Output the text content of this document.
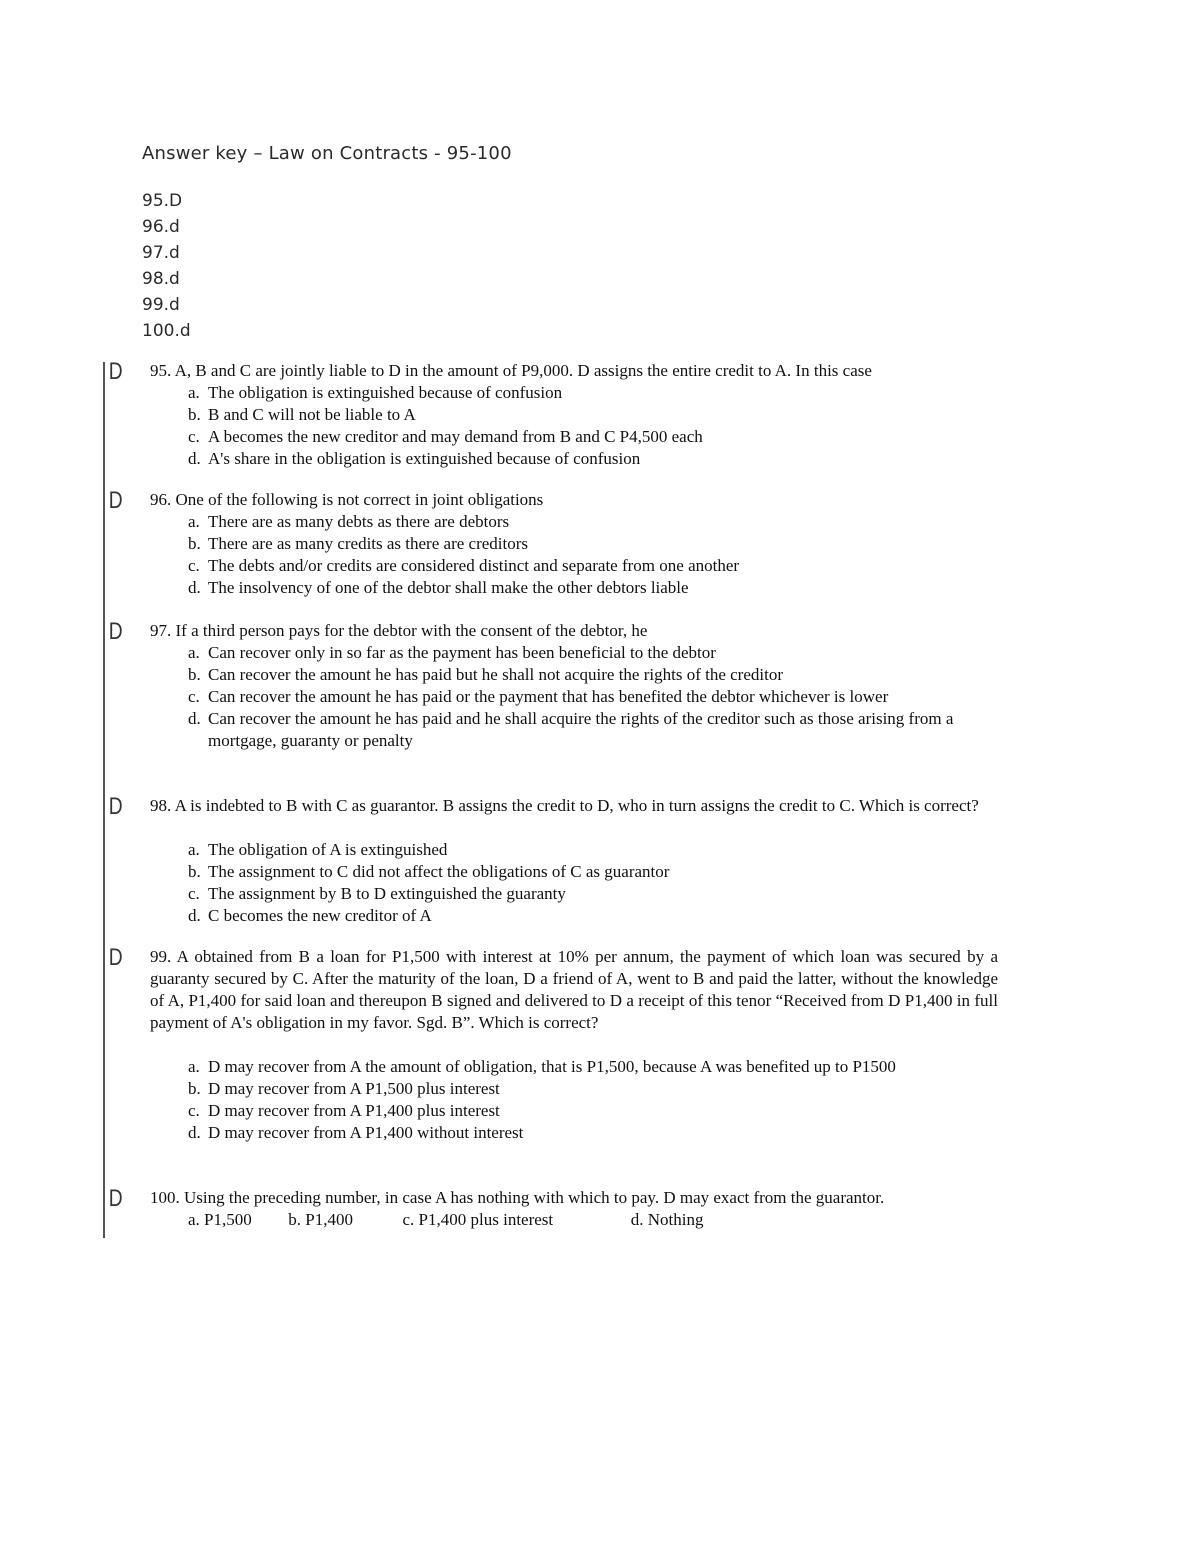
Answer key – Law on Contracts - 95-100
95.D
96.d
97.d
98.d
99.d
100.d
D 95. A, B and C are jointly liable to D in the amount of P9,000. D assigns the entire credit to A. In this case
a. The obligation is extinguished because of confusion
b. B and C will not be liable to A
c. A becomes the new creditor and may demand from B and C P4,500 each
d. A's share in the obligation is extinguished because of confusion
D 96. One of the following is not correct in joint obligations
a. There are as many debts as there are debtors
b. There are as many credits as there are creditors
c. The debts and/or credits are considered distinct and separate from one another
d. The insolvency of one of the debtor shall make the other debtors liable
D 97. If a third person pays for the debtor with the consent of the debtor, he
a. Can recover only in so far as the payment has been beneficial to the debtor
b. Can recover the amount he has paid but he shall not acquire the rights of the creditor
c. Can recover the amount he has paid or the payment that has benefited the debtor whichever is lower
d. Can recover the amount he has paid and he shall acquire the rights of the creditor such as those arising from a mortgage, guaranty or penalty
D 98. A is indebted to B with C as guarantor. B assigns the credit to D, who in turn assigns the credit to C. Which is correct?
a. The obligation of A is extinguished
b. The assignment to C did not affect the obligations of C as guarantor
c. The assignment by B to D extinguished the guaranty
d. C becomes the new creditor of A
D 99. A obtained from B a loan for P1,500 with interest at 10% per annum, the payment of which loan was secured by a guaranty secured by C. After the maturity of the loan, D a friend of A, went to B and paid the latter, without the knowledge of A, P1,400 for said loan and thereupon B signed and delivered to D a receipt of this tenor “Received from D P1,400 in full payment of A's obligation in my favor. Sgd. B”. Which is correct?
a. D may recover from A the amount of obligation, that is P1,500, because A was benefited up to P1500
b. D may recover from A P1,500 plus interest
c. D may recover from A P1,400 plus interest
d. D may recover from A P1,400 without interest
D 100. Using the preceding number, in case A has nothing with which to pay. D may exact from the guarantor.
a. P1,500 b. P1,400	c. P1,400 plus interest	d. Nothing
